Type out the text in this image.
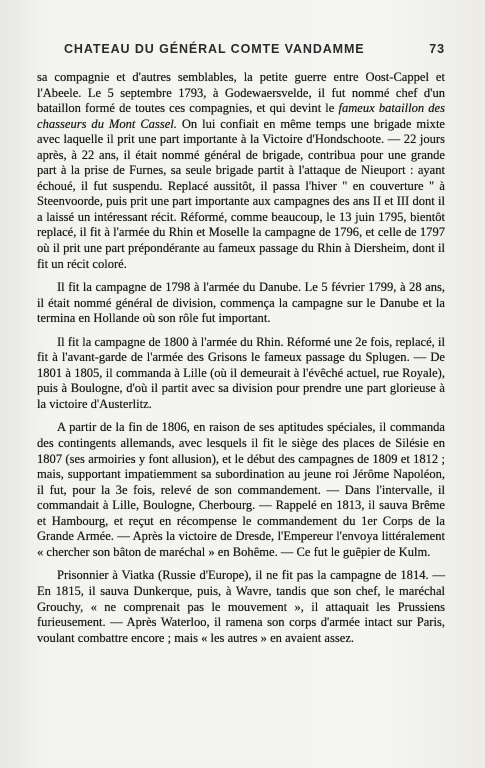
CHATEAU DU GÉNÉRAL COMTE VANDAMME	73

sa compagnie et d'autres semblables, la petite guerre entre Oost-Cappel et l'Abeele. Le 5 septembre 1793, à Godewaersvelde, il fut nommé chef d'un bataillon formé de toutes ces compagnies, et qui devint le fameux bataillon des chasseurs du Mont Cassel. On lui confiait en même temps une brigade mixte avec laquelle il prit une part importante à la Victoire d'Hondschoote. — 22 jours après, à 22 ans, il était nommé général de brigade, contribua pour une grande part à la prise de Furnes, sa seule brigade partit à l'attaque de Nieuport : ayant échoué, il fut suspendu. Replacé aussitôt, il passa l'hiver " en couverture " à Steenvoorde, puis prit une part importante aux campagnes des ans II et III dont il a laissé un intéressant récit. Réformé, comme beaucoup, le 13 juin 1795, bientôt replacé, il fit à l'armée du Rhin et Moselle la campagne de 1796, et celle de 1797 où il prit une part prépondérante au fameux passage du Rhin à Diersheim, dont il fit un récit coloré.

Il fit la campagne de 1798 à l'armée du Danube. Le 5 février 1799, à 28 ans, il était nommé général de division, commença la campagne sur le Danube et la termina en Hollande où son rôle fut important.

Il fit la campagne de 1800 à l'armée du Rhin. Réformé une 2e fois, replacé, il fit à l'avant-garde de l'armée des Grisons le fameux passage du Splugen. — De 1801 à 1805, il commanda à Lille (où il demeurait à l'évêché actuel, rue Royale), puis à Boulogne, d'où il partit avec sa division pour prendre une part glorieuse à la victoire d'Austerlitz.

A partir de la fin de 1806, en raison de ses aptitudes spéciales, il commanda des contingents allemands, avec lesquels il fit le siège des places de Silésie en 1807 (ses armoiries y font allusion), et le début des campagnes de 1809 et 1812 ; mais, supportant impatiemment sa subordination au jeune roi Jérôme Napoléon, il fut, pour la 3e fois, relevé de son commandement. — Dans l'intervalle, il commandait à Lille, Boulogne, Cherbourg. — Rappelé en 1813, il sauva Brême et Hambourg, et reçut en récompense le commandement du 1er Corps de la Grande Armée. — Après la victoire de Dresde, l'Empereur l'envoya littéralement « chercher son bâton de maréchal » en Bohême. — Ce fut le guêpier de Kulm.

Prisonnier à Viatka (Russie d'Europe), il ne fit pas la campagne de 1814. — En 1815, il sauva Dunkerque, puis, à Wavre, tandis que son chef, le maréchal Grouchy, « ne comprenait pas le mouvement », il attaquait les Prussiens furieusement. — Après Waterloo, il ramena son corps d'armée intact sur Paris, voulant combattre encore ; mais « les autres » en avaient assez.
